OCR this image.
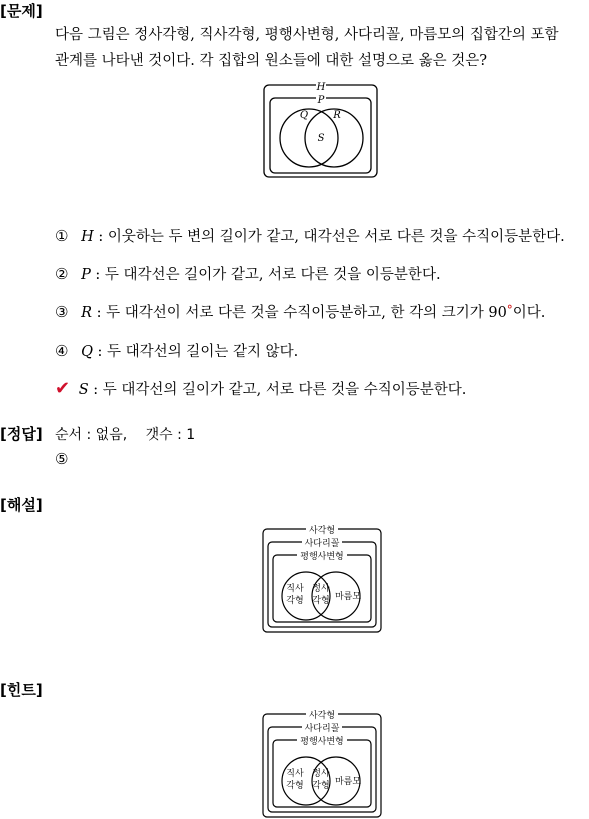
[문제]
다음 그림은 정사각형, 직사각형, 평행사변형, 사다리꼴, 마름모의 집합간의 포함
관계를 나타낸 것이다. 각 집합의 원소들에 대한 설명으로 옳은 것은?
H
P
Q	R
S
① H : 이웃하는 두 변의 길이가 같고, 대각선은 서로 다른 것을 수직이등분한다.
② P : 두 대각선은 길이가 같고, 서로 다른 것을 이등분한다.
③ R : 두 대각선이 서로 다른 것을 수직이등분하고, 한 각의 크기가 90°이다.
④ Q : 두 대각선의 길이는 같지 않다.
✔ S : 두 대각선의 길이가 같고, 서로 다른 것을 수직이등분한다.
[정답] 순서 : 없음, 갯수 : 1
⑤
[해설]
사각형
사다리꼴
평행사변형
직사
각형
정사
각형 마름모
[힌트]
사각형
사다리꼴
평행사변형
직사
각형
정사
각형 마름모
